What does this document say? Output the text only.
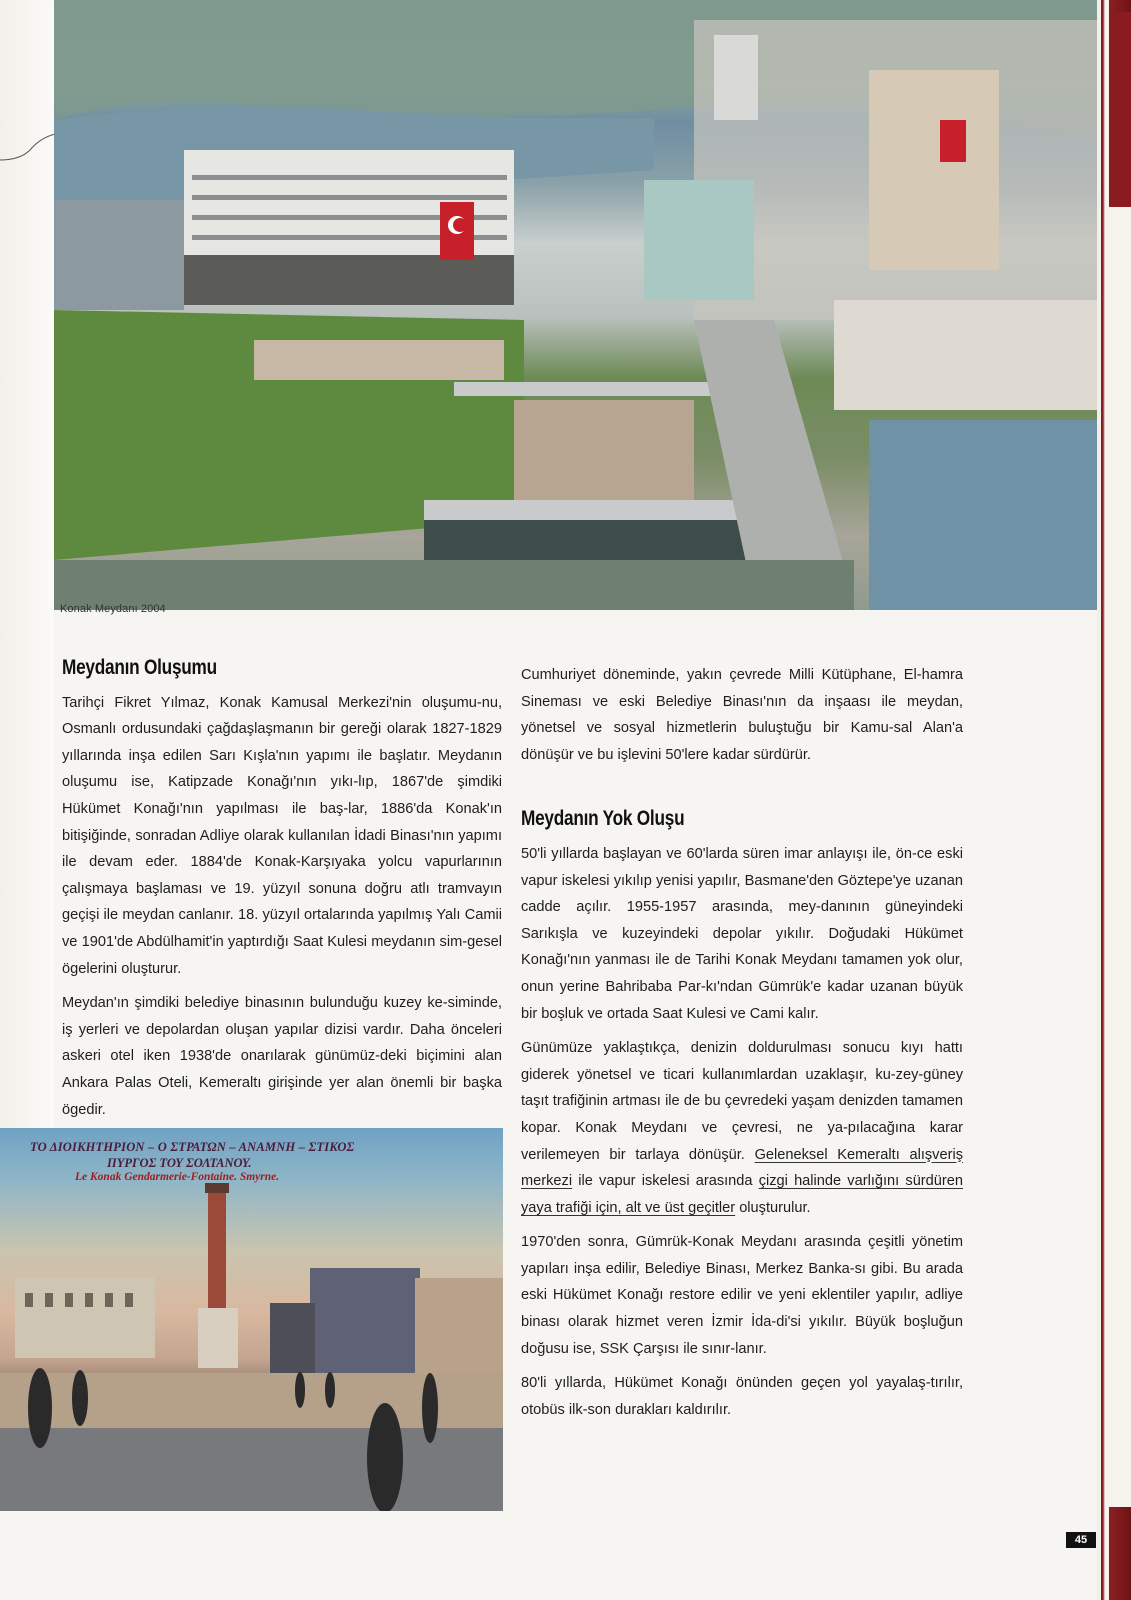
Konak Meydanı 2004
Meydanın Oluşumu

Tarihçi Fikret Yılmaz, Konak Kamusal Merkezi'nin oluşumu-nu, Osmanlı ordusundaki çağdaşlaşmanın bir gereği olarak 1827-1829 yıllarında inşa edilen Sarı Kışla'nın yapımı ile başlatır. Meydanın oluşumu ise, Katipzade Konağı'nın yıkı-lıp, 1867'de şimdiki Hükümet Konağı'nın yapılması ile baş-lar, 1886'da Konak'ın bitişiğinde, sonradan Adliye olarak kullanılan İdadi Binası'nın yapımı ile devam eder. 1884'de Konak-Karşıyaka yolcu vapurlarının çalışmaya başlaması ve 19. yüzyıl sonuna doğru atlı tramvayın geçişi ile meydan canlanır. 18. yüzyıl ortalarında yapılmış Yalı Camii ve 1901'de Abdülhamit'in yaptırdığı Saat Kulesi meydanın sim-gesel ögelerini oluşturur.

Meydan'ın şimdiki belediye binasının bulunduğu kuzey ke-siminde, iş yerleri ve depolardan oluşan yapılar dizisi vardır. Daha önceleri askeri otel iken 1938'de onarılarak günümüz-deki biçimini alan Ankara Palas Oteli, Kemeraltı girişinde yer alan önemli bir başka ögedir.

Cumhuriyet döneminde, yakın çevrede Milli Kütüphane, El-hamra Sineması ve eski Belediye Binası'nın da inşaası ile meydan, yönetsel ve sosyal hizmetlerin buluştuğu bir Kamu-sal Alan'a dönüşür ve bu işlevini 50'lere kadar sürdürür.

Meydanın Yok Oluşu

50'li yıllarda başlayan ve 60'larda süren imar anlayışı ile, ön-ce eski vapur iskelesi yıkılıp yenisi yapılır, Basmane'den Göztepe'ye uzanan cadde açılır. 1955-1957 arasında, mey-danının güneyindeki Sarıkışla ve kuzeyindeki depolar yıkılır. Doğudaki Hükümet Konağı'nın yanması ile de Tarihi Konak Meydanı tamamen yok olur, onun yerine Bahribaba Par-kı'ndan Gümrük'e kadar uzanan büyük bir boşluk ve ortada Saat Kulesi ve Cami kalır.

Günümüze yaklaştıkça, denizin doldurulması sonucu kıyı hattı giderek yönetsel ve ticari kullanımlardan uzaklaşır, ku-zey-güney taşıt trafiğinin artması ile de bu çevredeki yaşam denizden tamamen kopar. Konak Meydanı ve çevresi, ne ya-pılacağına karar verilemeyen bir tarlaya dönüşür. Geleneksel Kemeraltı alışveriş merkezi ile vapur iskelesi arasında çizgi halinde varlığını sürdüren yaya trafiği için, alt ve üst geçitler oluşturulur.

1970'den sonra, Gümrük-Konak Meydanı arasında çeşitli yönetim yapıları inşa edilir, Belediye Binası, Merkez Banka-sı gibi. Bu arada eski Hükümet Konağı restore edilir ve yeni eklentiler yapılır, adliye binası olarak hizmet veren İzmir İda-di'si yıkılır. Büyük boşluğun doğusu ise, SSK Çarşısı ile sınır-lanır.

80'li yıllarda, Hükümet Konağı önünden geçen yol yayalaş-tırılır, otobüs ilk-son durakları kaldırılır.

ΤΟ ΔΙΟΙΚΗΤΗΡΙΟΝ – Ο ΣΤΡΑΤΩΝ – ΑΝΑΜΝΗ – ΣΤΙΚΟΣ
ΠΥΡΓΟΣ ΤΟΥ ΣΟΛΤΑΝΟΥ.
Le Konak Gendarmerie-Fontaine. Smyrne.
45
